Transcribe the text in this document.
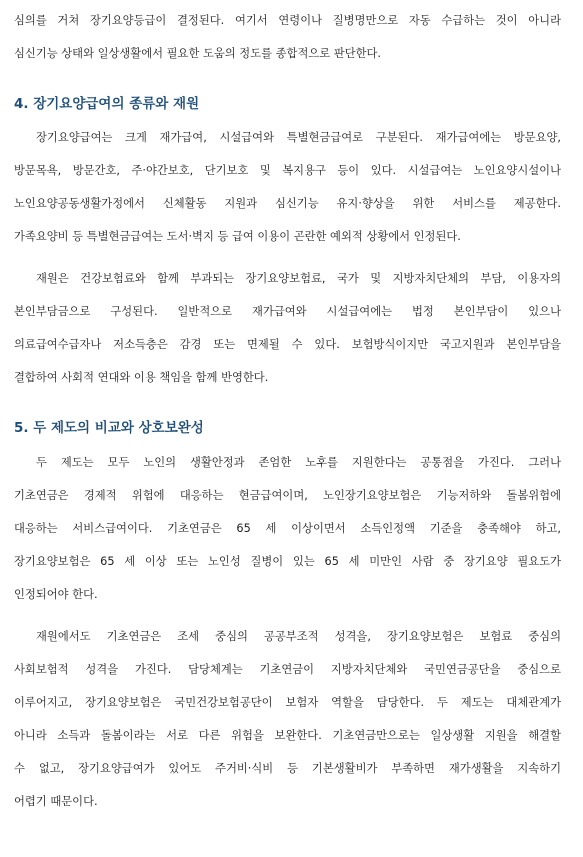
심의를 거쳐 장기요양등급이 결정된다. 여기서 연령이나 질병명만으로 자동 수급하는 것이 아니라
심신기능 상태와 일상생활에서 필요한 도움의 정도를 종합적으로 판단한다.
4. 장기요양급여의 종류와 재원
장기요양급여는 크게 재가급여, 시설급여와 특별현금급여로 구분된다. 재가급여에는 방문요양,
방문목욕, 방문간호, 주·야간보호, 단기보호 및 복지용구 등이 있다. 시설급여는 노인요양시설이나
노인요양공동생활가정에서 신체활동 지원과 심신기능 유지·향상을 위한 서비스를 제공한다.
가족요양비 등 특별현금급여는 도서·벽지 등 급여 이용이 곤란한 예외적 상황에서 인정된다.
재원은 건강보험료와 함께 부과되는 장기요양보험료, 국가 및 지방자치단체의 부담, 이용자의
본인부담금으로 구성된다. 일반적으로 재가급여와 시설급여에는 법정 본인부담이 있으나
의료급여수급자나 저소득층은 감경 또는 면제될 수 있다. 보험방식이지만 국고지원과 본인부담을
결합하여 사회적 연대와 이용 책임을 함께 반영한다.
5. 두 제도의 비교와 상호보완성
두 제도는 모두 노인의 생활안정과 존엄한 노후를 지원한다는 공통점을 가진다. 그러나
기초연금은 경제적 위험에 대응하는 현금급여이며, 노인장기요양보험은 기능저하와 돌봄위험에
대응하는 서비스급여이다. 기초연금은 65 세 이상이면서 소득인정액 기준을 충족해야 하고,
장기요양보험은 65 세 이상 또는 노인성 질병이 있는 65 세 미만인 사람 중 장기요양 필요도가
인정되어야 한다.
재원에서도 기초연금은 조세 중심의 공공부조적 성격을, 장기요양보험은 보험료 중심의
사회보험적 성격을 가진다. 담당체계는 기초연금이 지방자치단체와 국민연금공단을 중심으로
이루어지고, 장기요양보험은 국민건강보험공단이 보험자 역할을 담당한다. 두 제도는 대체관계가
아니라 소득과 돌봄이라는 서로 다른 위험을 보완한다. 기초연금만으로는 일상생활 지원을 해결할
수 없고, 장기요양급여가 있어도 주거비·식비 등 기본생활비가 부족하면 재가생활을 지속하기
어렵기 때문이다.
